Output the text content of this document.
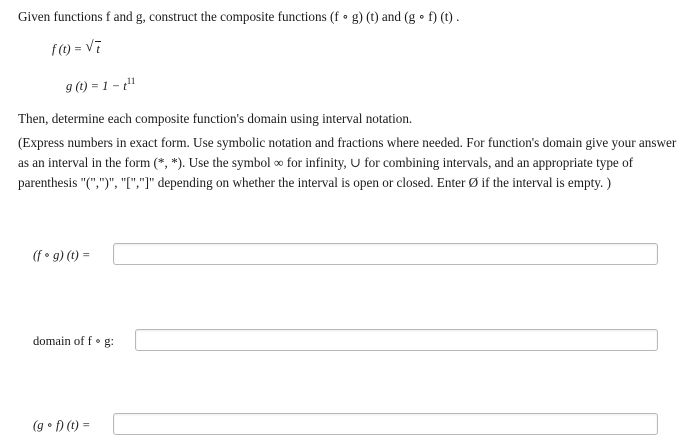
Given functions f and g, construct the composite functions (f ∘ g) (t) and (g ∘ f) (t) .
f (t) = √ t
g $(t) = 1 - t^{11}$
Then, determine each composite function's domain using interval notation.
(Express numbers in exact form. Use symbolic notation and fractions where needed. For function's domain give your answer as an interval in the form (*, *). Use the symbol ∞ for infinity, ∪ for combining intervals, and an appropriate type of parenthesis "(",")", "[","]" depending on whether the interval is open or closed. Enter Ø if the interval is empty. )
(f ∘ g) (t) =
domain of f ∘ g:
(g ∘ f) (t) =
